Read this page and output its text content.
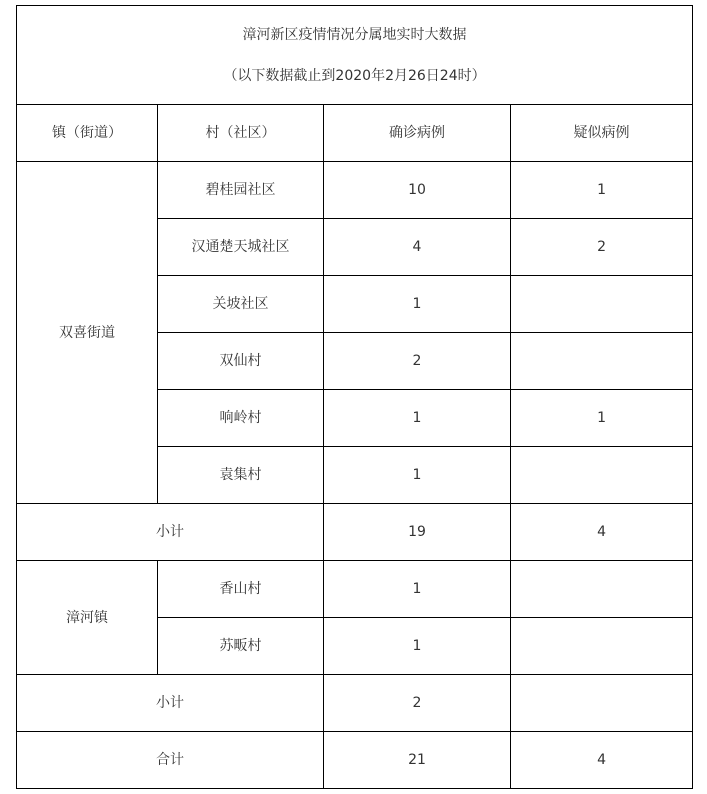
漳河新区疫情情况分属地实时大数据
（以下数据截止到2020年2月26日24时）			

镇（街道）	村（社区）	确诊病例	疑似病例
双喜街道	碧桂园社区	10	1
	汉通楚天城社区	4	2
	关坡社区	1	
	双仙村	2	
	响岭村	1	1
	袁集村	1	
小计		19	4
漳河镇	香山村	1	
	苏畈村	1	
小计		2	
合计		21	4
